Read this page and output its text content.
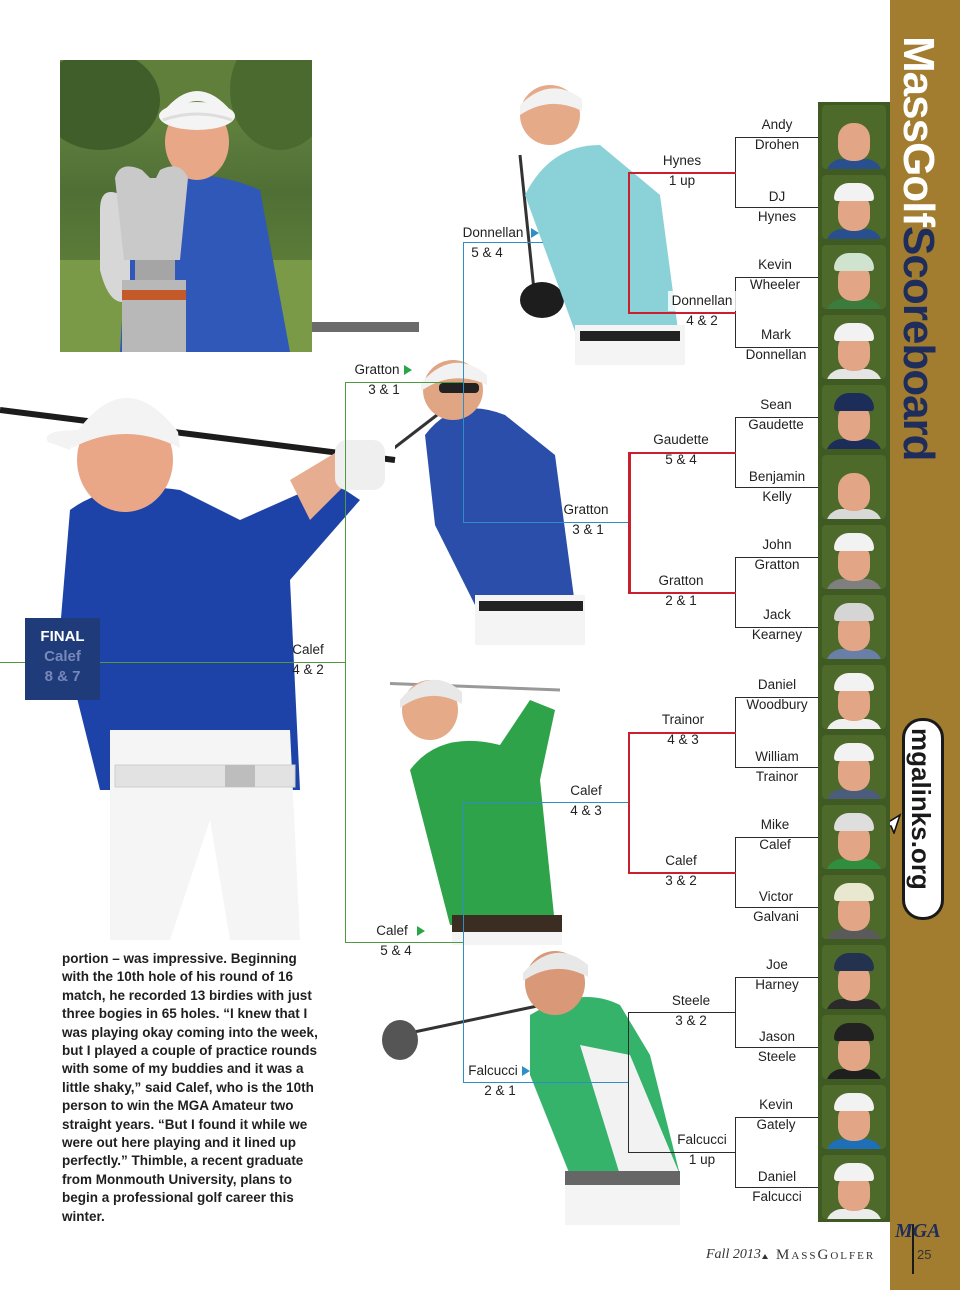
MassGolfScoreboard
mgalinks.org
FINAL
Calef
8 & 7
Gratton
3 & 1
Donnellan
5 & 4
Calef
4 & 2
Calef
5 & 4
Falcucci
2 & 1
Gratton
3 & 1
Calef
4 & 3
Steele
3 & 2
Falcucci
1 up
Hynes
1 up
Donnellan
4 & 2
Gaudette
5 & 4
Gratton
2 & 1
Trainor
4 & 3
Calef
3 & 2
Andy
Drohen
DJ
Hynes
Kevin
Wheeler
Mark
Donnellan
Sean
Gaudette
Benjamin
Kelly
John
Gratton
Jack
Kearney
Daniel
Woodbury
William
Trainor
Mike
Calef
Victor
Galvani
Joe
Harney
Jason
Steele
Kevin
Gately
Daniel
Falcucci
portion – was impressive. Beginning with the 10th hole of his round of 16 match, he recorded 13 birdies with just three bogies in 65 holes. “I knew that I was playing okay coming into the week, but I played a couple of practice rounds with some of my buddies and it was a little shaky,” said Calef, who is the 10th person to win the MGA Amateur two straight years. “But I found it while we were out here playing and it lined up perfectly.” Thimble, a recent graduate from Monmouth University, plans to begin a professional golf career this winter.
Fall 2013 MassGolfer
MGA
25
